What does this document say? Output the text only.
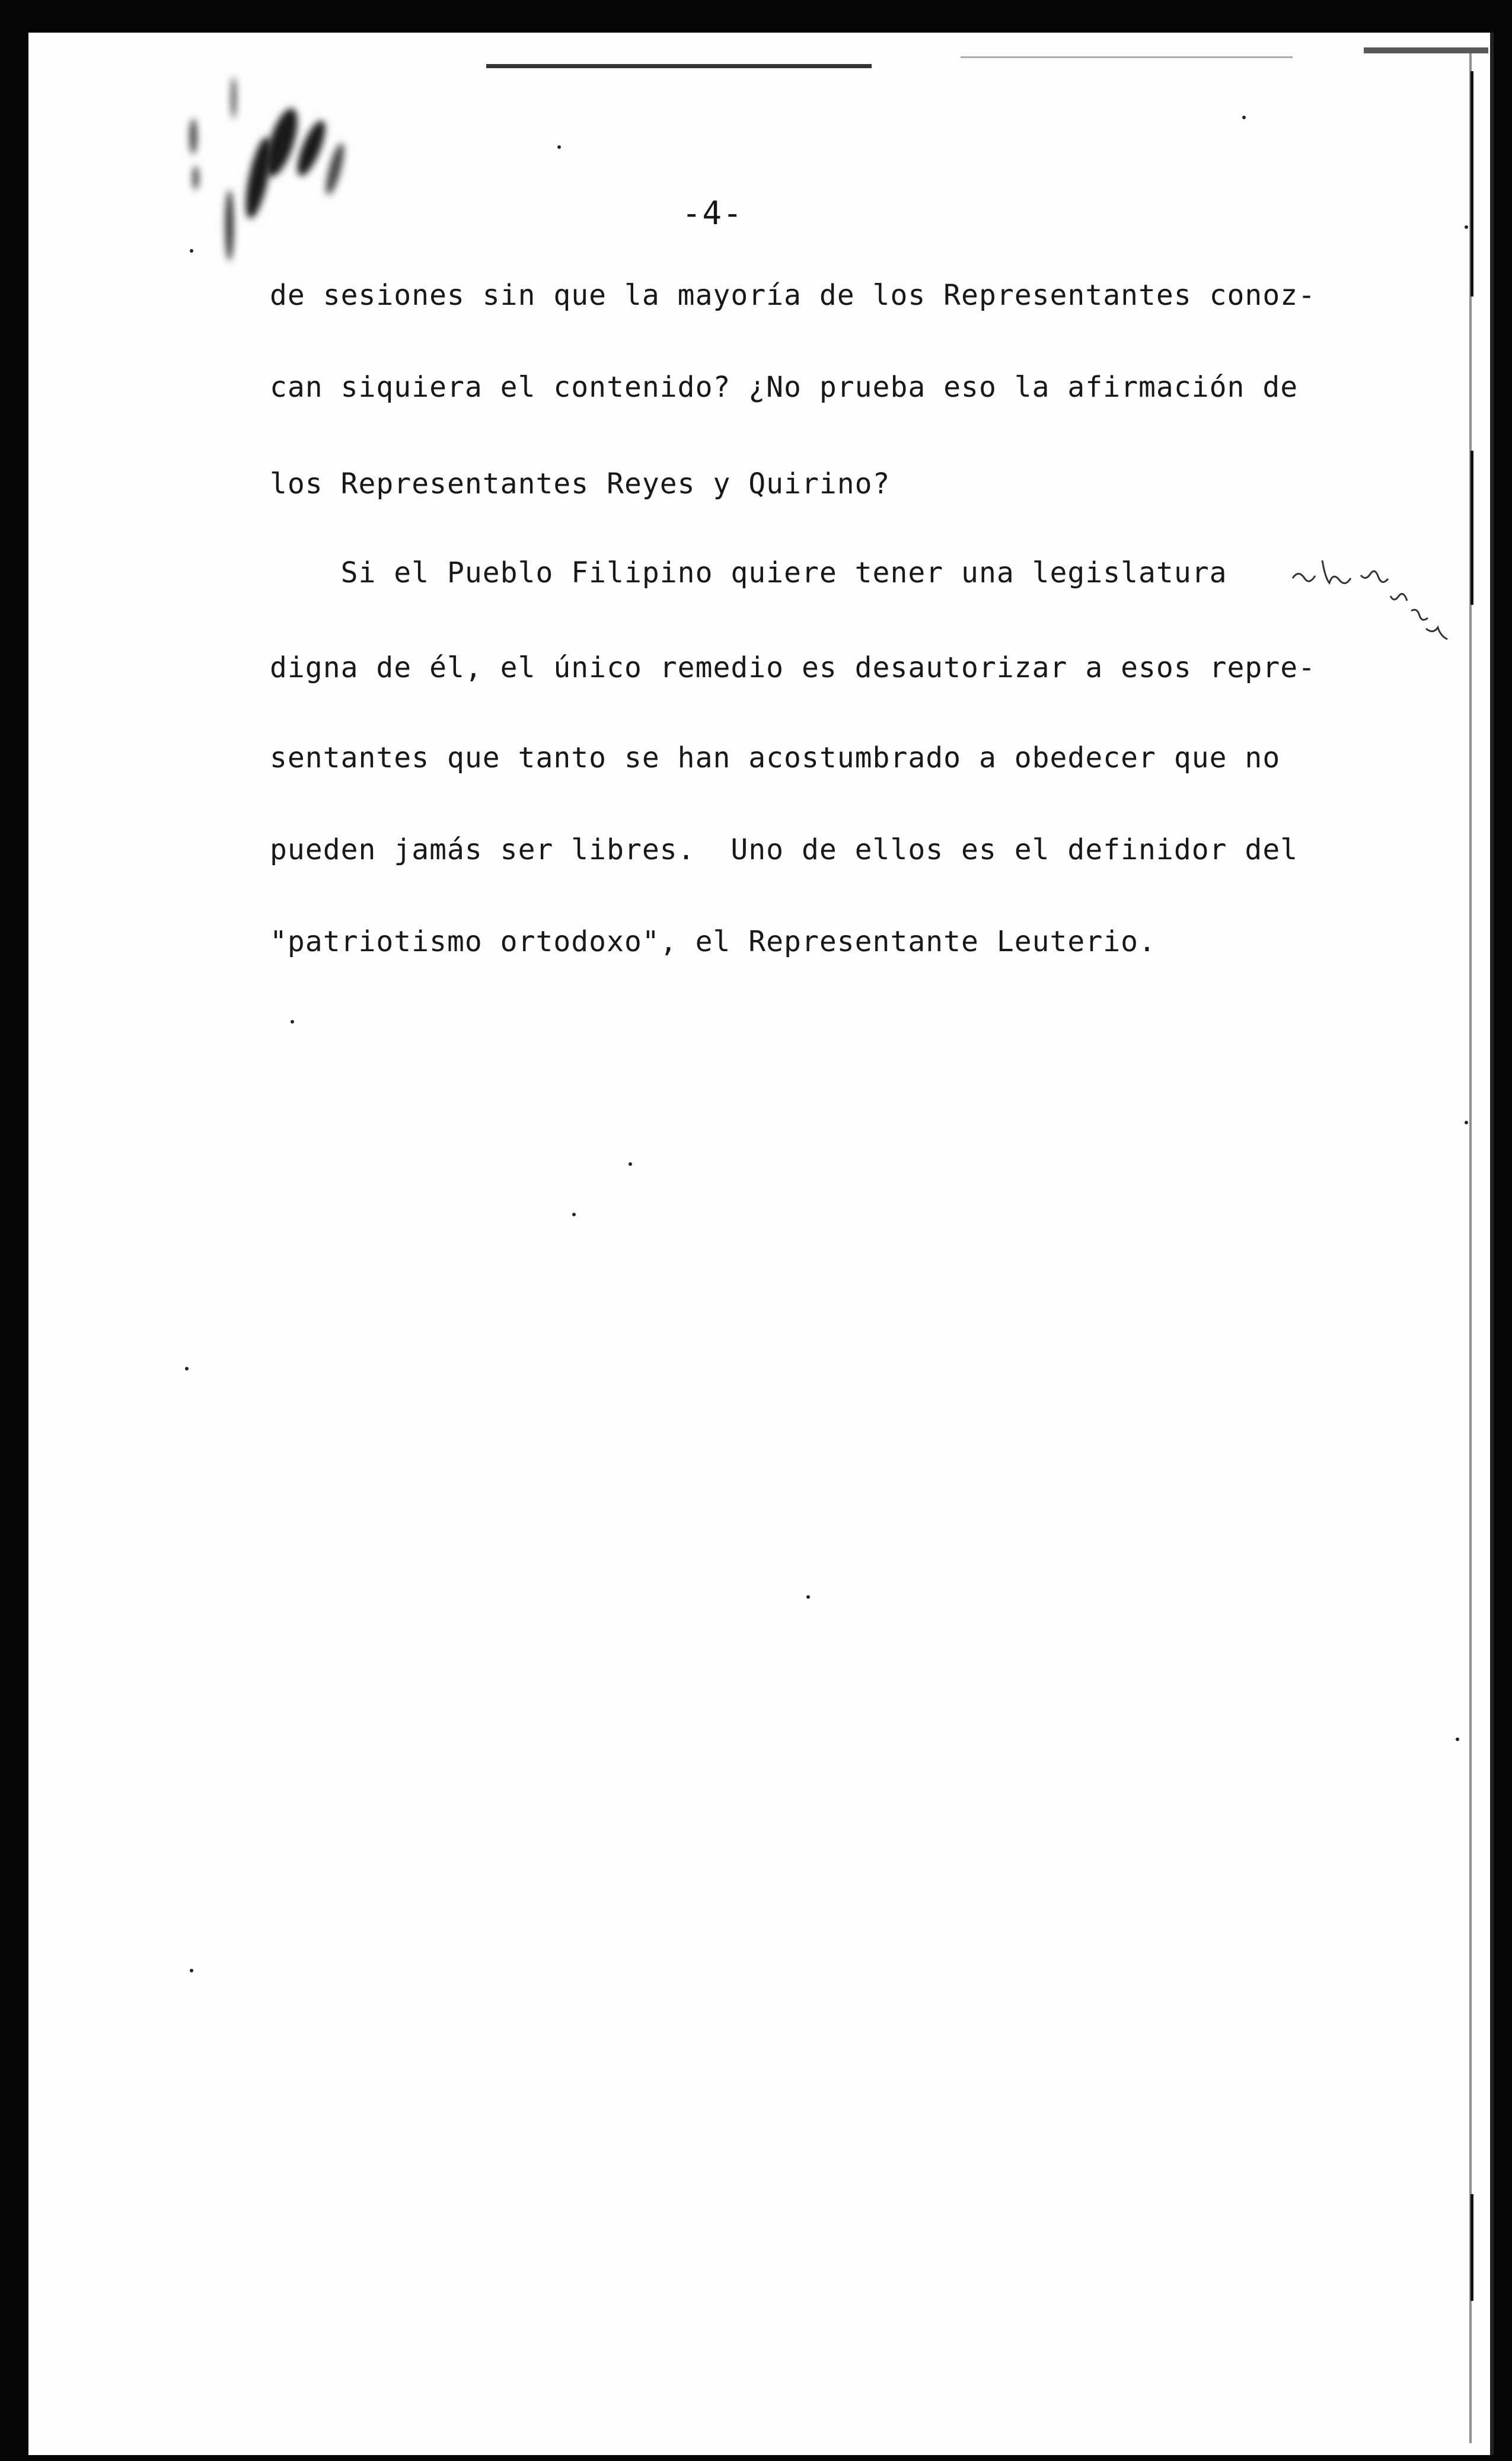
-4-
de sesiones sin que la mayoría de los Representantes conoz-
can siquiera el contenido? ¿No prueba eso la afirmación de
los Representantes Reyes y Quirino?
Si el Pueblo Filipino quiere tener una legislatura
digna de él, el único remedio es desautorizar a esos repre-
sentantes que tanto se han acostumbrado a obedecer que no
pueden jamás ser libres.  Uno de ellos es el definidor del
"patriotismo ortodoxo", el Representante Leuterio.
